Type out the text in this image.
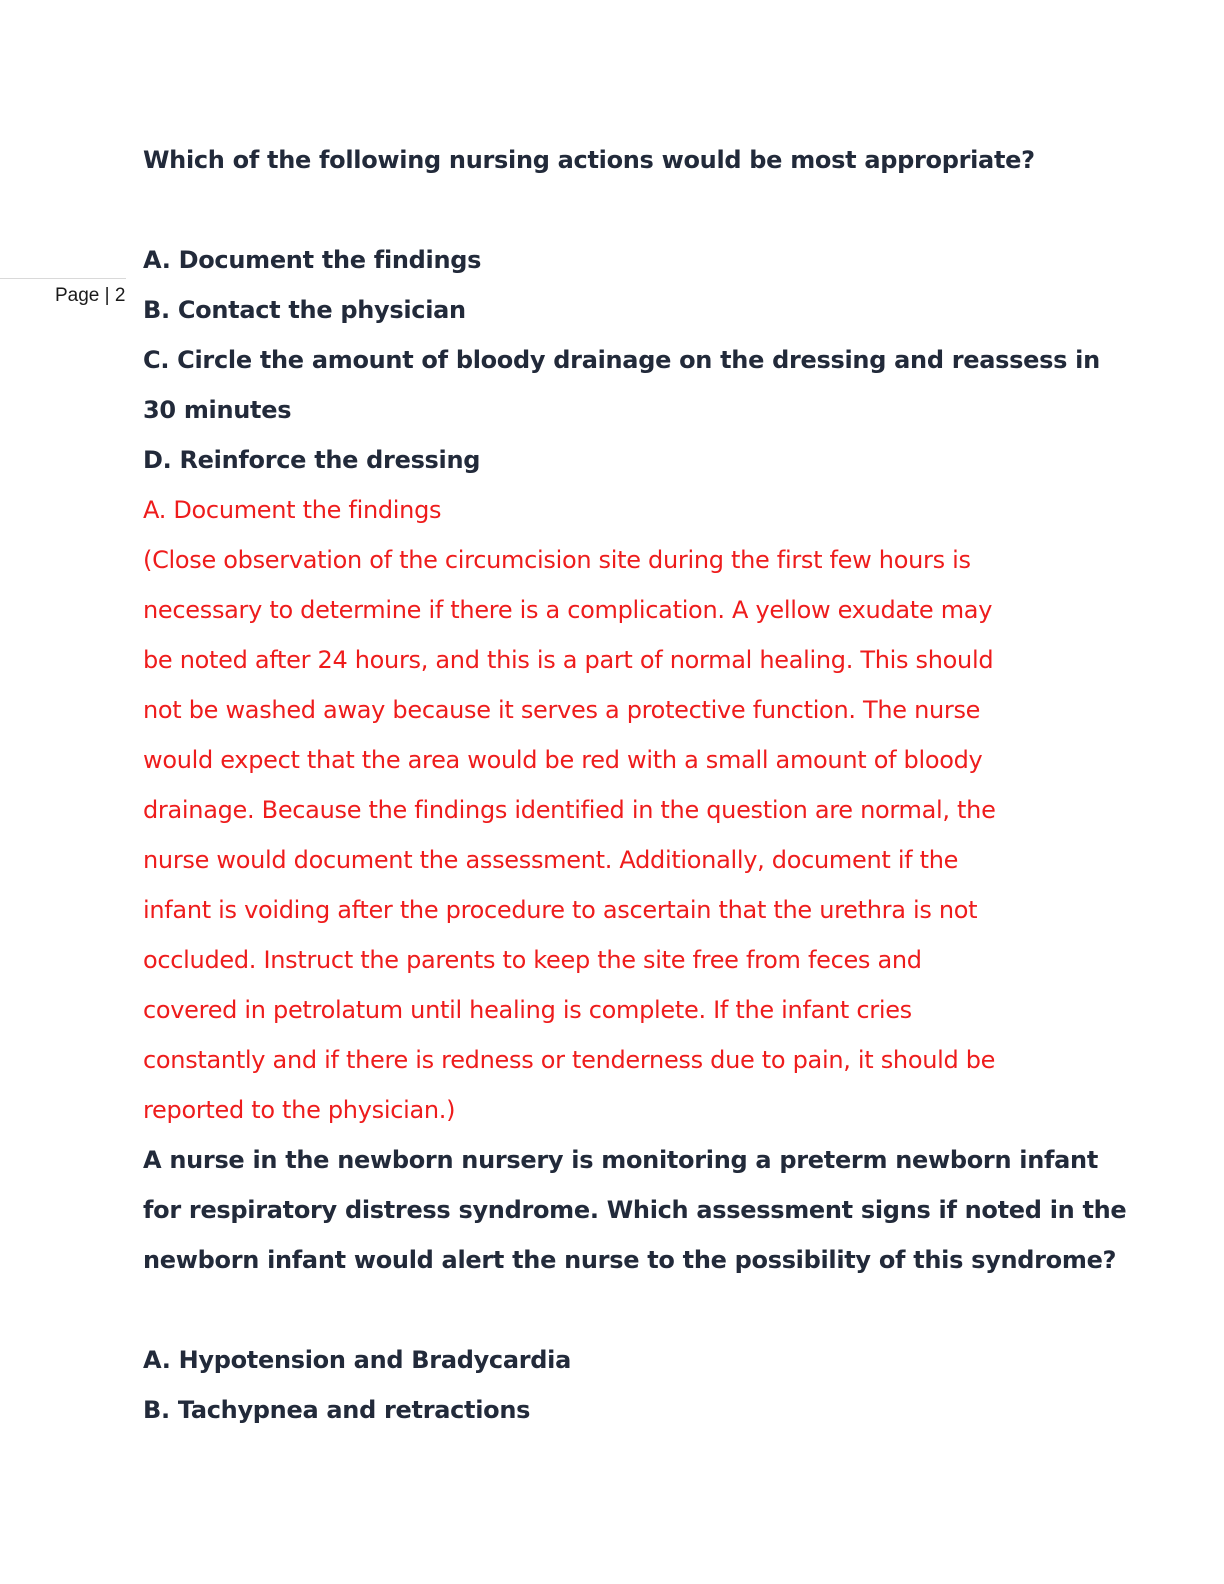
Page | 2
Which of the following nursing actions would be most appropriate?
A. Document the findings
B. Contact the physician
C. Circle the amount of bloody drainage on the dressing and reassess in
30 minutes
D. Reinforce the dressing
A. Document the findings
(Close observation of the circumcision site during the first few hours is
necessary to determine if there is a complication. A yellow exudate may
be noted after 24 hours, and this is a part of normal healing. This should
not be washed away because it serves a protective function. The nurse
would expect that the area would be red with a small amount of bloody
drainage. Because the findings identified in the question are normal, the
nurse would document the assessment. Additionally, document if the
infant is voiding after the procedure to ascertain that the urethra is not
occluded. Instruct the parents to keep the site free from feces and
covered in petrolatum until healing is complete. If the infant cries
constantly and if there is redness or tenderness due to pain, it should be
reported to the physician.)
A nurse in the newborn nursery is monitoring a preterm newborn infant
for respiratory distress syndrome. Which assessment signs if noted in the
newborn infant would alert the nurse to the possibility of this syndrome?
A. Hypotension and Bradycardia
B. Tachypnea and retractions
